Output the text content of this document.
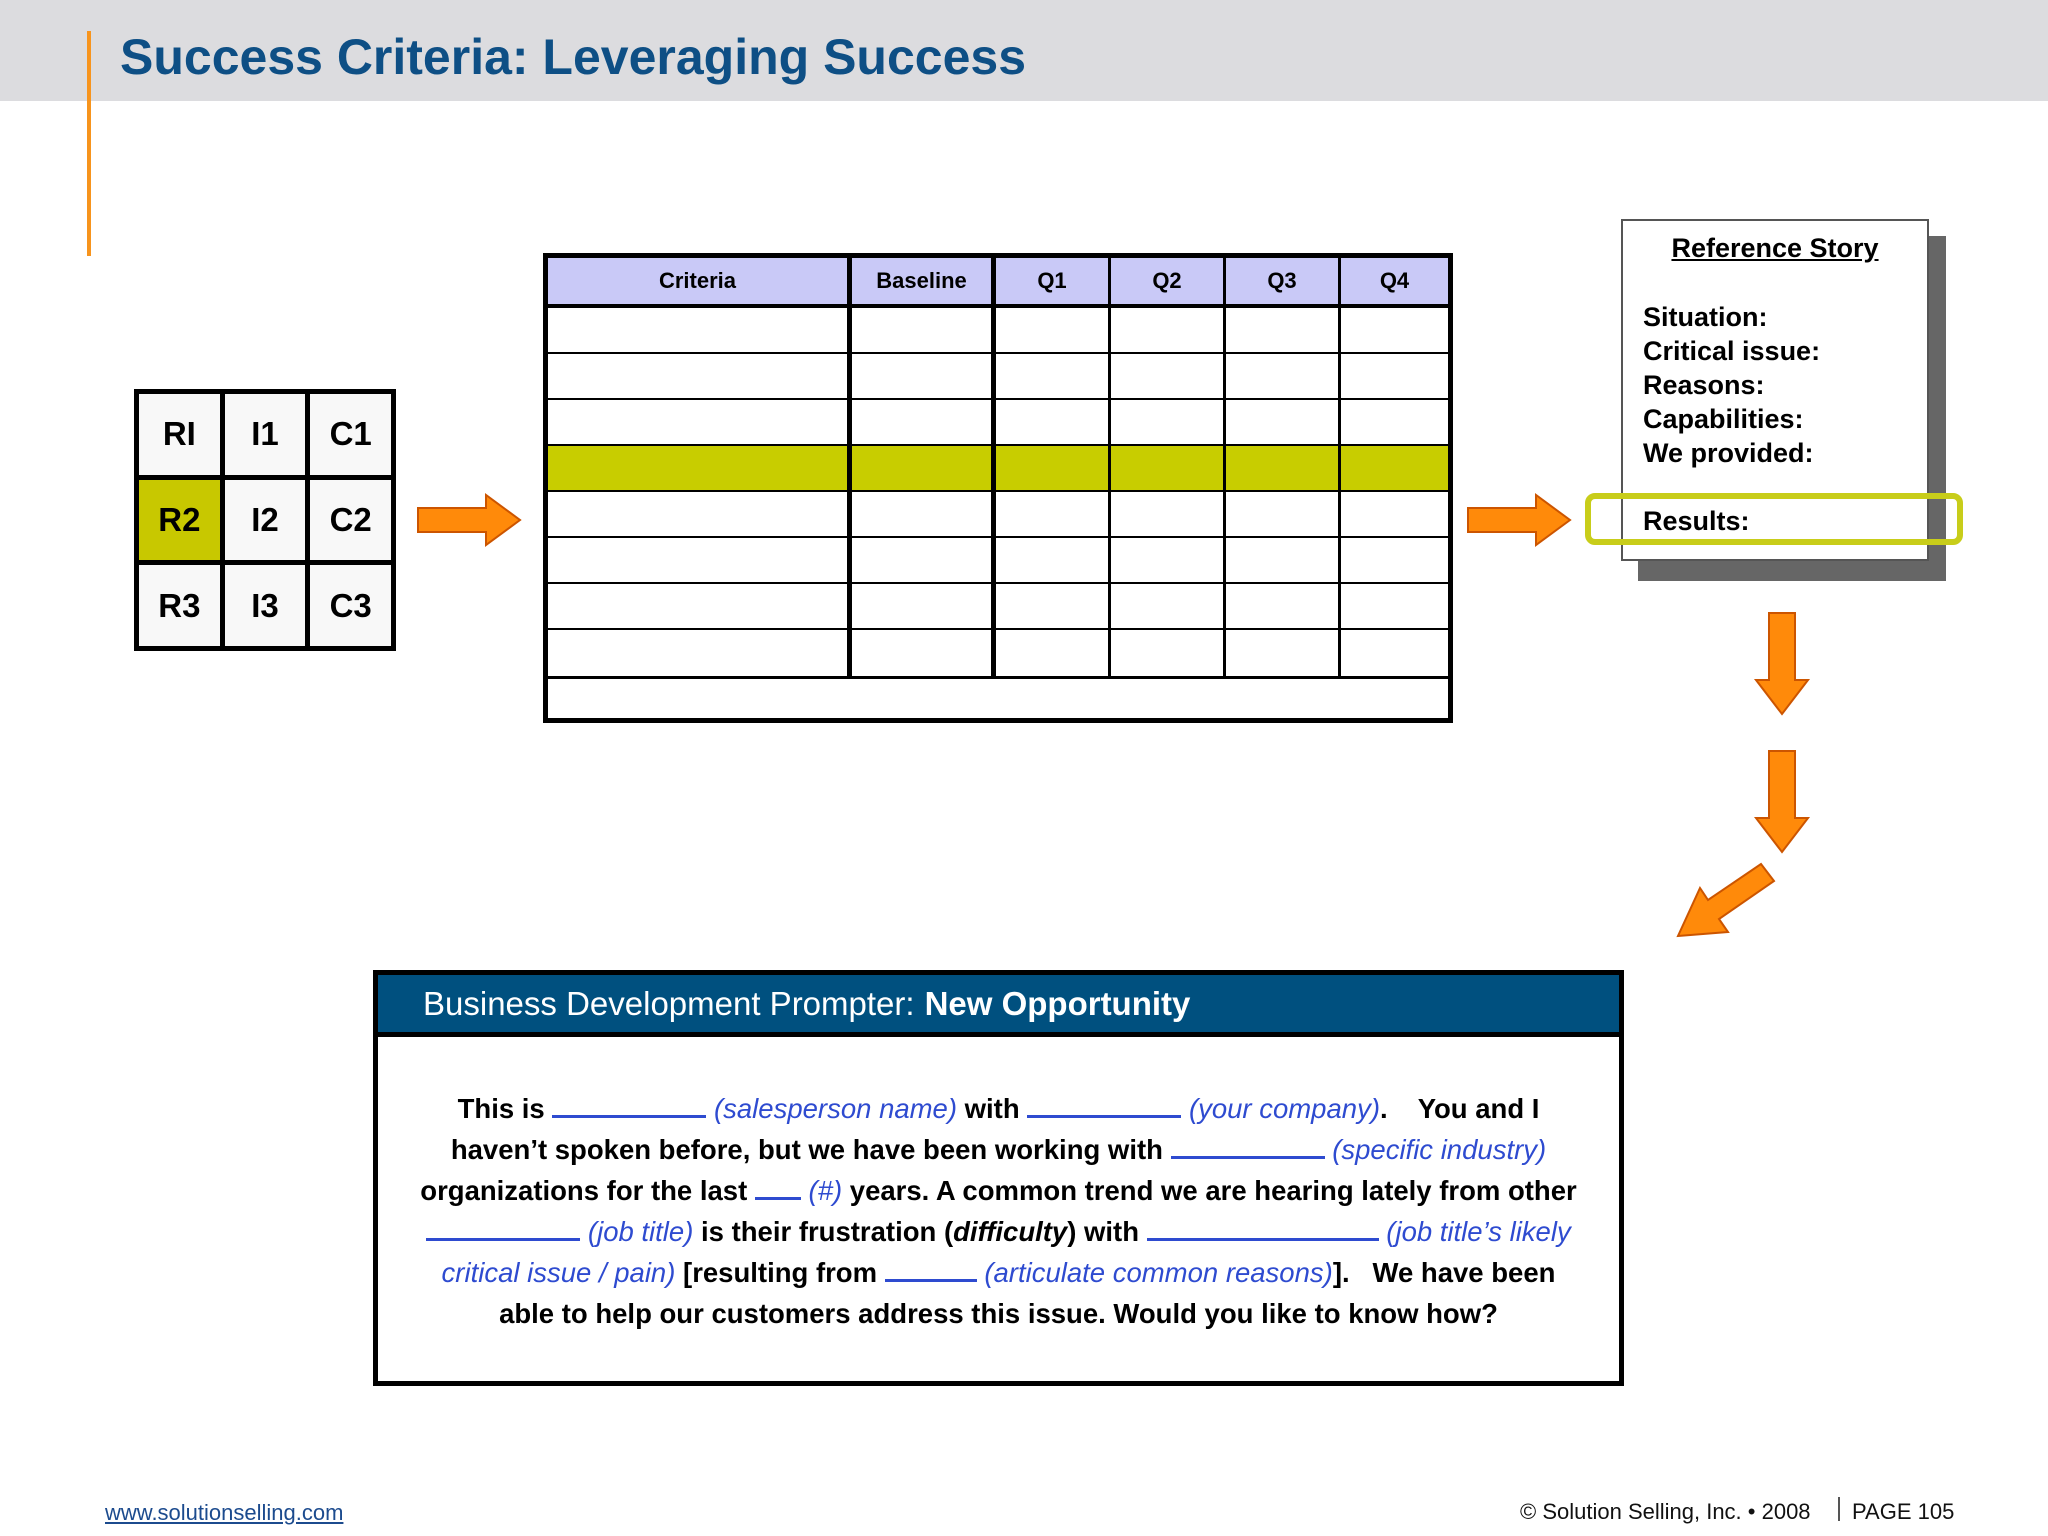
Success Criteria: Leveraging Success
RI	I1	C1
R2	I2	C2
R3	I3	C3
Criteria	Baseline	Q1	Q2	Q3	Q4
Reference Story
Situation:
Critical issue:
Reasons:
Capabilities:
We provided:
Results:
Business Development Prompter: New Opportunity
This is	(salesperson name) with	(your company).    You and I
haven’t spoken before, but we have been working with	(specific industry)
organizations for the last (#) years. A common trend we are hearing lately from other
(job title) is their frustration (difficulty) with	(job title’s likely
critical issue / pain) [resulting from	(articulate common reasons)].   We have been
able to help our customers address this issue. Would you like to know how?
www.solutionselling.com	© Solution Selling, Inc. • 2008 PAGE 105
